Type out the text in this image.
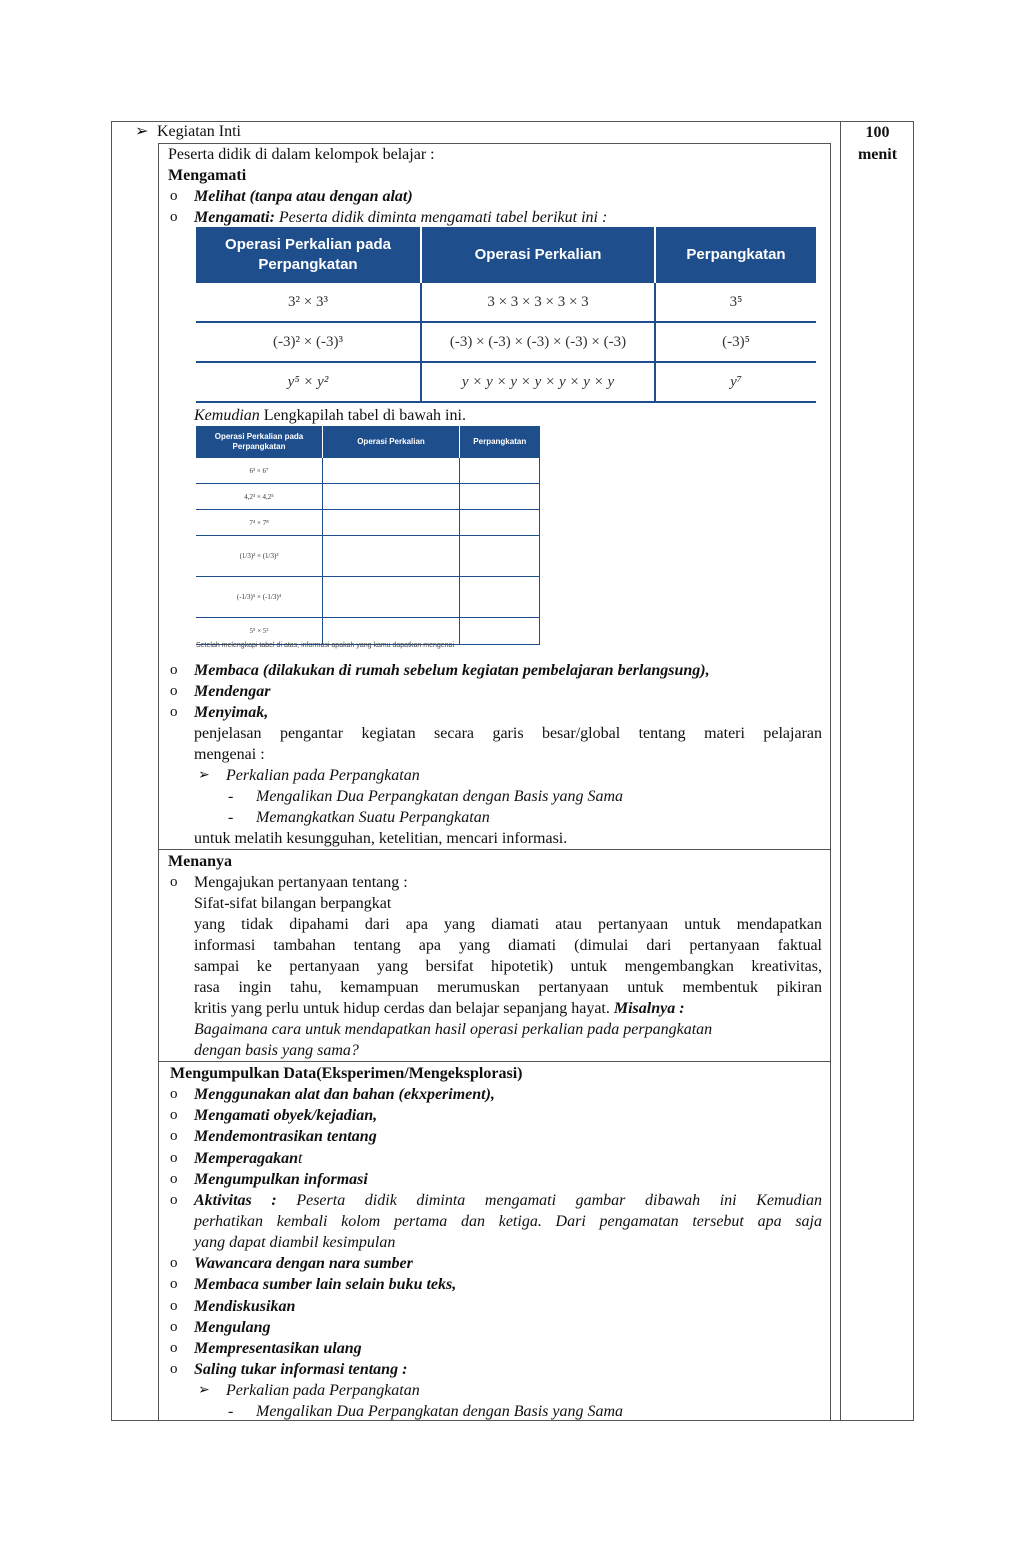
100
menit
➢ Kegiatan Inti
Peserta didik di dalam kelompok belajar :
Mengamati
o Melihat (tanpa atau dengan alat)
o Mengamati: Peserta didik diminta mengamati tabel berikut ini :
Operasi Perkalian pada Perpangkatan	Operasi Perkalian	Perpangkatan
3² × 3³	3 × 3 × 3 × 3 × 3	3⁵
(-3)² × (-3)³	(-3) × (-3) × (-3) × (-3) × (-3)	(-3)⁵
y⁵ × y²	y × y × y × y × y × y × y	y⁷
Kemudian Lengkapilah tabel di bawah ini.
Operasi Perkalian pada Perpangkatan	Operasi Perkalian	Perpangkatan
6³ × 6⁷		
4,2³ × 4,2⁵		
7⁴ × 7⁸		
(1/3)² × (1/3)³		
(-1/3)⁵ × (-1/3)⁴		
5⁵ × 5²		
Setelah melengkapi tabel di atas, informasi apakah yang kamu dapatkan mengenai
o Membaca (dilakukan di rumah sebelum kegiatan pembelajaran berlangsung),
o Mendengar
o Menyimak,
penjelasan pengantar kegiatan secara garis besar/global tentang materi pelajaran
mengenai :
➢ Perkalian pada Perpangkatan
- Mengalikan Dua Perpangkatan dengan Basis yang Sama
- Memangkatkan Suatu Perpangkatan
untuk melatih kesungguhan, ketelitian, mencari informasi.
Menanya
o Mengajukan pertanyaan tentang :
Sifat-sifat bilangan berpangkat
yang tidak dipahami dari apa yang diamati atau pertanyaan untuk mendapatkan
informasi tambahan tentang apa yang diamati (dimulai dari pertanyaan faktual
sampai ke pertanyaan yang bersifat hipotetik) untuk mengembangkan kreativitas,
rasa ingin tahu, kemampuan merumuskan pertanyaan untuk membentuk pikiran
kritis yang perlu untuk hidup cerdas dan belajar sepanjang hayat. Misalnya :
Bagaimana cara untuk mendapatkan hasil operasi perkalian pada perpangkatan
dengan basis yang sama?
Mengumpulkan Data(Eksperimen/Mengeksplorasi)
o Menggunakan alat dan bahan (ekxperiment),
o Mengamati obyek/kejadian,
o Mendemontrasikan tentang
o Memperagakant
o Mengumpulkan informasi
o Aktivitas : Peserta didik diminta mengamati gambar dibawah ini Kemudian
perhatikan kembali kolom pertama dan ketiga. Dari pengamatan tersebut apa saja
yang dapat diambil kesimpulan
o Wawancara dengan nara sumber
o Membaca sumber lain selain buku teks,
o Mendiskusikan
o Mengulang
o Mempresentasikan ulang
o Saling tukar informasi tentang :
➢ Perkalian pada Perpangkatan
- Mengalikan Dua Perpangkatan dengan Basis yang Sama
